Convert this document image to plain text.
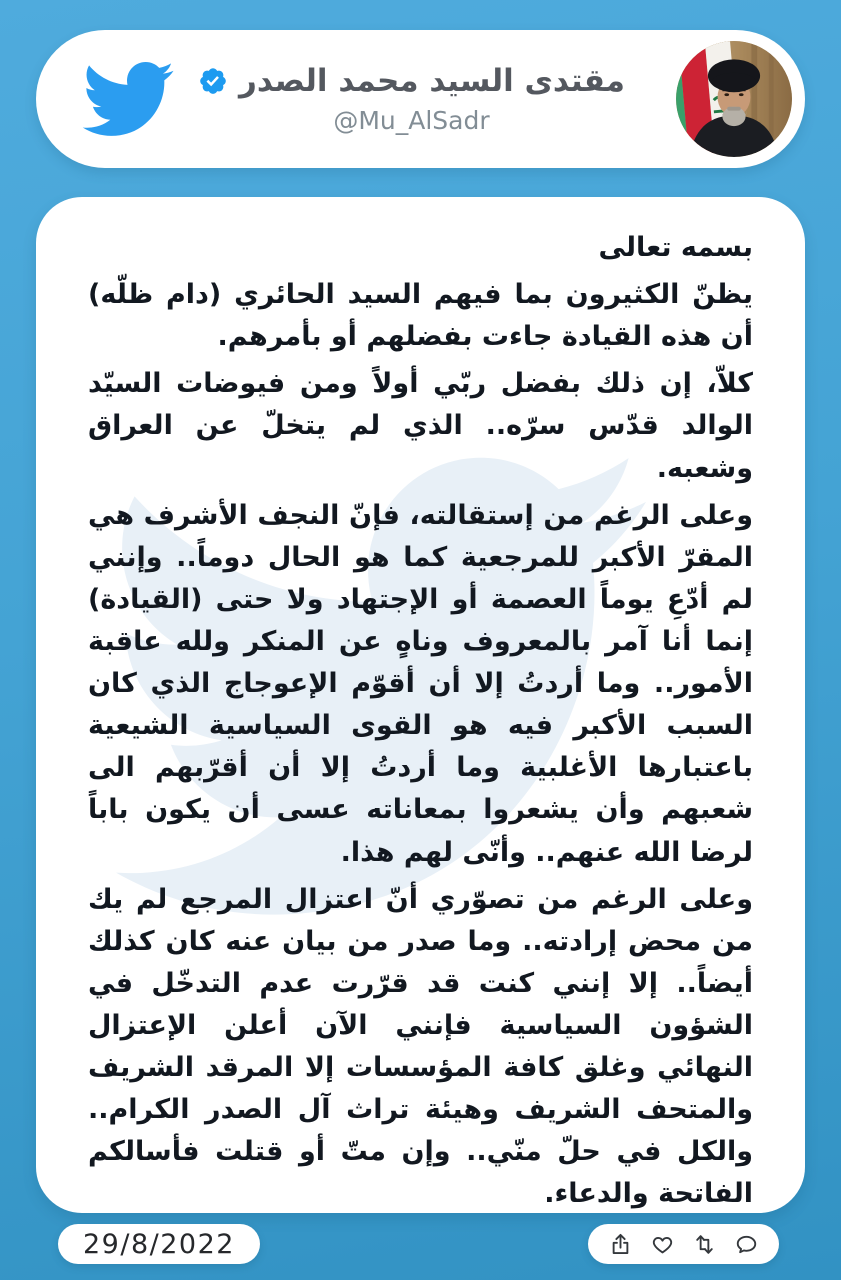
مقتدى السيد محمد الصدر
@Mu_AlSadr

بسمه تعالى

يظنّ الكثيرون بما فيهم السيد الحائري (دام ظلّه) أن هذه القيادة جاءت بفضلهم أو بأمرهم.

كلاّ، إن ذلك بفضل ربّي أولاً ومن فيوضات السيّد الوالد قدّس سرّه.. الذي لم يتخلّ عن العراق وشعبه.

وعلى الرغم من إستقالته، فإنّ النجف الأشرف هي المقرّ الأكبر للمرجعية كما هو الحال دوماً.. وإنني لم أدّعِ يوماً العصمة أو الإجتهاد ولا حتى (القيادة) إنما أنا آمر بالمعروف وناهٍ عن المنكر ولله عاقبة الأمور.. وما أردتُ إلا أن أقوّم الإعوجاج الذي كان السبب الأكبر فيه هو القوى السياسية الشيعية باعتبارها الأغلبية وما أردتُ إلا أن أقرّبهم الى شعبهم وأن يشعروا بمعاناته عسى أن يكون باباً لرضا الله عنهم.. وأنّى لهم هذا.

وعلى الرغم من تصوّري أنّ اعتزال المرجع لم يك من محض إرادته.. وما صدر من بيان عنه كان كذلك أيضاً.. إلا إنني كنت قد قرّرت عدم التدخّل في الشؤون السياسية فإنني الآن أعلن الإعتزال النهائي وغلق كافة المؤسسات إلا المرقد الشريف والمتحف الشريف وهيئة تراث آل الصدر الكرام.. والكل في حلّ منّي.. وإن متّ أو قتلت فأسالكم الفاتحة والدعاء.

29/8/2022
